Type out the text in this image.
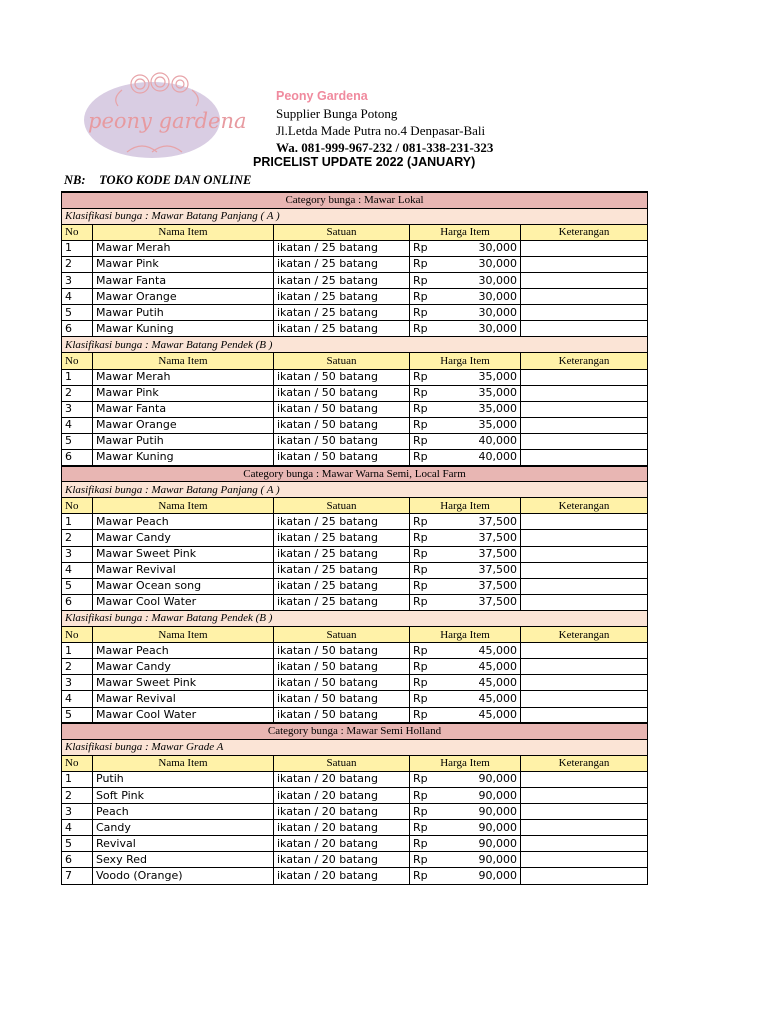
peony gardena
Peony Gardena
Supplier Bunga Potong
Jl.Letda Made Putra no.4 Denpasar-Bali
Wa. 081-999-967-232 / 081-338-231-323
PRICELIST UPDATE 2022 (JANUARY)
NB: TOKO KODE DAN ONLINE
Category bunga : Mawar Lokal				
Klasifikasi bunga : Mawar Batang Panjang ( A )				
No	Nama Item	Satuan	Harga Item	Keterangan
1	Mawar Merah	ikatan / 25 batang	Rp 30,000	

2	Mawar Pink	ikatan / 25 batang	Rp 30,000	

3	Mawar Fanta	ikatan / 25 batang	Rp 30,000	

4	Mawar Orange	ikatan / 25 batang	Rp 30,000	

5	Mawar Putih	ikatan / 25 batang	Rp 30,000	

6	Mawar Kuning	ikatan / 25 batang	Rp 30,000	

Klasifikasi bunga : Mawar Batang Pendek (B )				
No	Nama Item	Satuan	Harga Item	Keterangan
1	Mawar Merah	ikatan / 50 batang	Rp 35,000	

2	Mawar Pink	ikatan / 50 batang	Rp 35,000	

3	Mawar Fanta	ikatan / 50 batang	Rp 35,000	

4	Mawar Orange	ikatan / 50 batang	Rp 35,000	

5	Mawar Putih	ikatan / 50 batang	Rp 40,000	

6	Mawar Kuning	ikatan / 50 batang	Rp 40,000	

Category bunga : Mawar Warna Semi, Local Farm				
Klasifikasi bunga : Mawar Batang Panjang ( A )				
No	Nama Item	Satuan	Harga Item	Keterangan
1	Mawar Peach	ikatan / 25 batang	Rp 37,500	

2	Mawar Candy	ikatan / 25 batang	Rp 37,500	

3	Mawar Sweet Pink	ikatan / 25 batang	Rp 37,500	

4	Mawar Revival	ikatan / 25 batang	Rp 37,500	

5	Mawar Ocean song	ikatan / 25 batang	Rp 37,500	

6	Mawar Cool Water	ikatan / 25 batang	Rp 37,500	

Klasifikasi bunga : Mawar Batang Pendek (B )				
No	Nama Item	Satuan	Harga Item	Keterangan
1	Mawar Peach	ikatan / 50 batang	Rp 45,000	

2	Mawar Candy	ikatan / 50 batang	Rp 45,000	

3	Mawar Sweet Pink	ikatan / 50 batang	Rp 45,000	

4	Mawar Revival	ikatan / 50 batang	Rp 45,000	

5	Mawar Cool Water	ikatan / 50 batang	Rp 45,000	

Category bunga : Mawar Semi Holland				
Klasifikasi bunga : Mawar Grade A				
No	Nama Item	Satuan	Harga Item	Keterangan
1	Putih	ikatan / 20 batang	Rp 90,000	

2	Soft Pink	ikatan / 20 batang	Rp 90,000	

3	Peach	ikatan / 20 batang	Rp 90,000	

4	Candy	ikatan / 20 batang	Rp 90,000	

5	Revival	ikatan / 20 batang	Rp 90,000	

6	Sexy Red	ikatan / 20 batang	Rp 90,000	

7	Voodo (Orange)	ikatan / 20 batang	Rp 90,000	
